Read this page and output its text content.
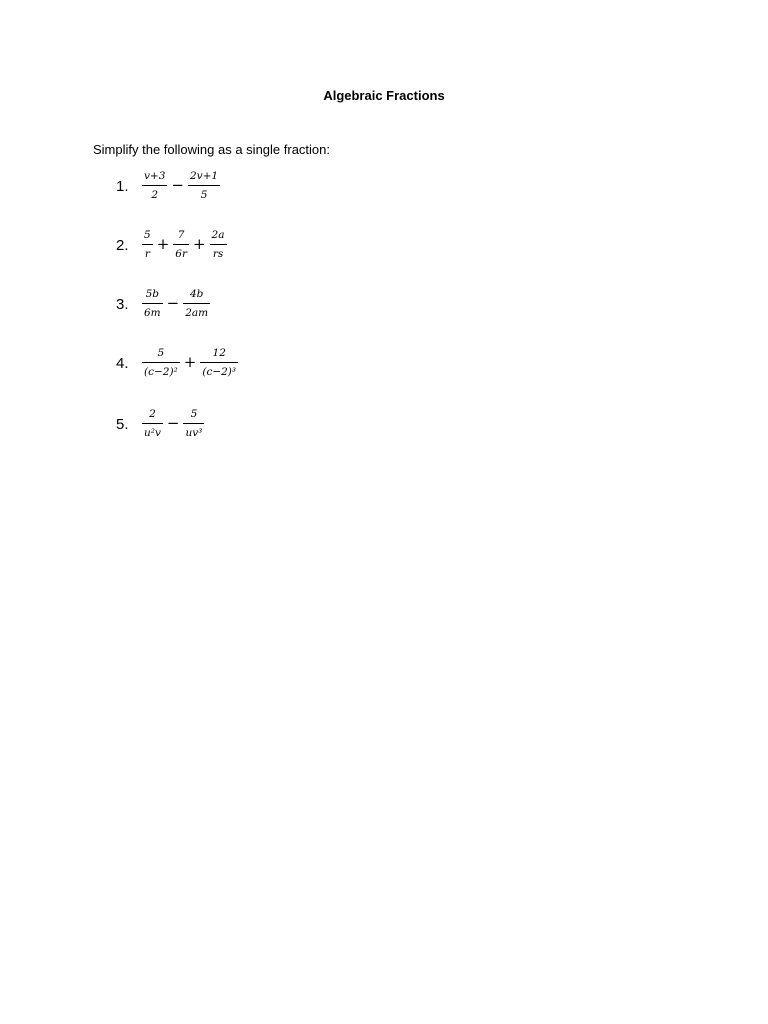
Algebraic Fractions
Simplify the following as a single fraction:
1.	$\frac{v+3}{2} - \frac{2v+1}{5}$
2.	$\frac{5}{r} + \frac{7}{6r} + \frac{2a}{rs}$
3.	$\frac{5b}{6m} - \frac{4b}{2am}$
4.	$\frac{5}{\text{(c−2)²}} + \frac{12}{\text{(c−2)³}}$
5.	$\frac{2}{\text{u²v}} - \frac{5}{\text{uv³}}$
